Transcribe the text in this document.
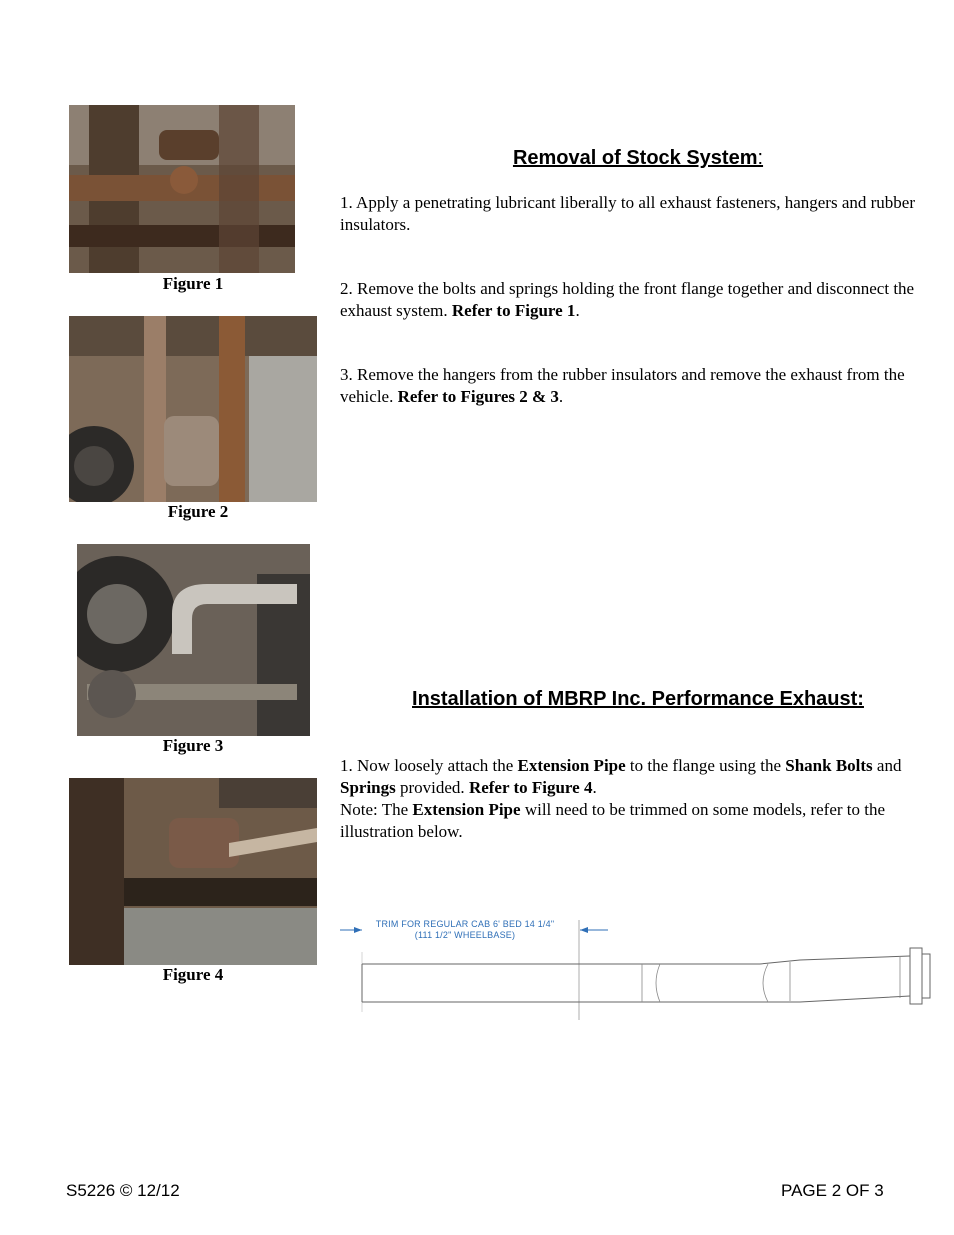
Figure 1
Figure 2
Figure 3
Figure 4
Removal of Stock System:
1. Apply a penetrating lubricant liberally to all exhaust fasteners, hangers and rubber insulators.
2. Remove the bolts and springs holding the front flange together and disconnect the exhaust system. Refer to Figure 1.
3. Remove the hangers from the rubber insulators and remove the exhaust from the vehicle. Refer to Figures 2 & 3.
Installation of MBRP Inc. Performance Exhaust:
1. Now loosely attach the Extension Pipe to the flange using the Shank Bolts and Springs provided. Refer to Figure 4.
Note: The Extension Pipe will need to be trimmed on some models, refer to the illustration below.
TRIM FOR REGULAR CAB 6' BED 14 1/4"
(111 1/2" WHEELBASE)
S5226 © 12/12	PAGE 2 OF 3
